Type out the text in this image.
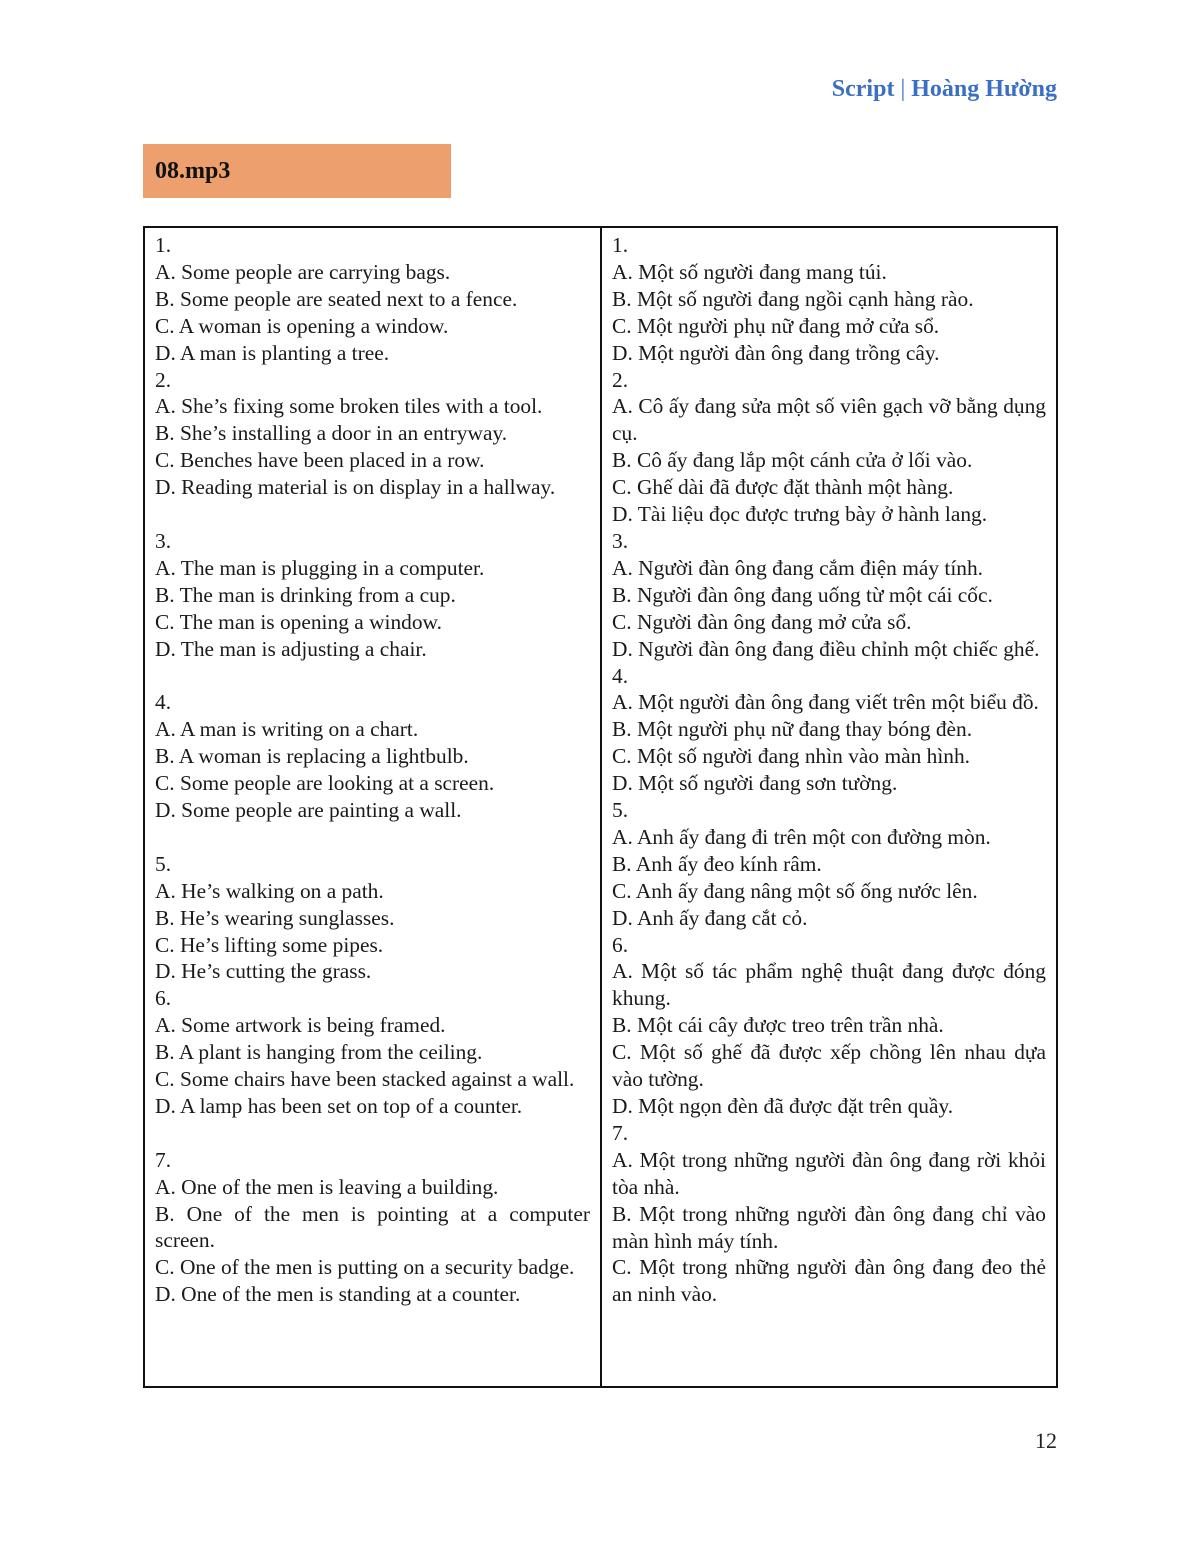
Script | Hoàng Hường
08.mp3
1.
A. Some people are carrying bags.
B. Some people are seated next to a fence.
C. A woman is opening a window.
D. A man is planting a tree.
2.
A. She’s fixing some broken tiles with a tool.
B. She’s installing a door in an entryway.
C. Benches have been placed in a row.
D. Reading material is on display in a hallway.
3.
A. The man is plugging in a computer.
B. The man is drinking from a cup.
C. The man is opening a window.
D. The man is adjusting a chair.
4.
A. A man is writing on a chart.
B. A woman is replacing a lightbulb.
C. Some people are looking at a screen.
D. Some people are painting a wall.
5.
A. He’s walking on a path.
B. He’s wearing sunglasses.
C. He’s lifting some pipes.
D. He’s cutting the grass.
6.
A. Some artwork is being framed.
B. A plant is hanging from the ceiling.
C. Some chairs have been stacked against a wall.
D. A lamp has been set on top of a counter.
7.
A. One of the men is leaving a building.
B. One of the men is pointing at a computer screen.
C. One of the men is putting on a security badge.
D. One of the men is standing at a counter.
1.
A. Một số người đang mang túi.
B. Một số người đang ngồi cạnh hàng rào.
C. Một người phụ nữ đang mở cửa sổ.
D. Một người đàn ông đang trồng cây.
2.
A. Cô ấy đang sửa một số viên gạch vỡ bằng dụng cụ.
B. Cô ấy đang lắp một cánh cửa ở lối vào.
C. Ghế dài đã được đặt thành một hàng.
D. Tài liệu đọc được trưng bày ở hành lang.
3.
A. Người đàn ông đang cắm điện máy tính.
B. Người đàn ông đang uống từ một cái cốc.
C. Người đàn ông đang mở cửa sổ.
D. Người đàn ông đang điều chỉnh một chiếc ghế.
4.
A. Một người đàn ông đang viết trên một biểu đồ.
B. Một người phụ nữ đang thay bóng đèn.
C. Một số người đang nhìn vào màn hình.
D. Một số người đang sơn tường.
5.
A. Anh ấy đang đi trên một con đường mòn.
B. Anh ấy đeo kính râm.
C. Anh ấy đang nâng một số ống nước lên.
D. Anh ấy đang cắt cỏ.
6.
A. Một số tác phẩm nghệ thuật đang được đóng khung.
B. Một cái cây được treo trên trần nhà.
C. Một số ghế đã được xếp chồng lên nhau dựa vào tường.
D. Một ngọn đèn đã được đặt trên quầy.
7.
A. Một trong những người đàn ông đang rời khỏi tòa nhà.
B. Một trong những người đàn ông đang chỉ vào màn hình máy tính.
C. Một trong những người đàn ông đang đeo thẻ an ninh vào.
12
